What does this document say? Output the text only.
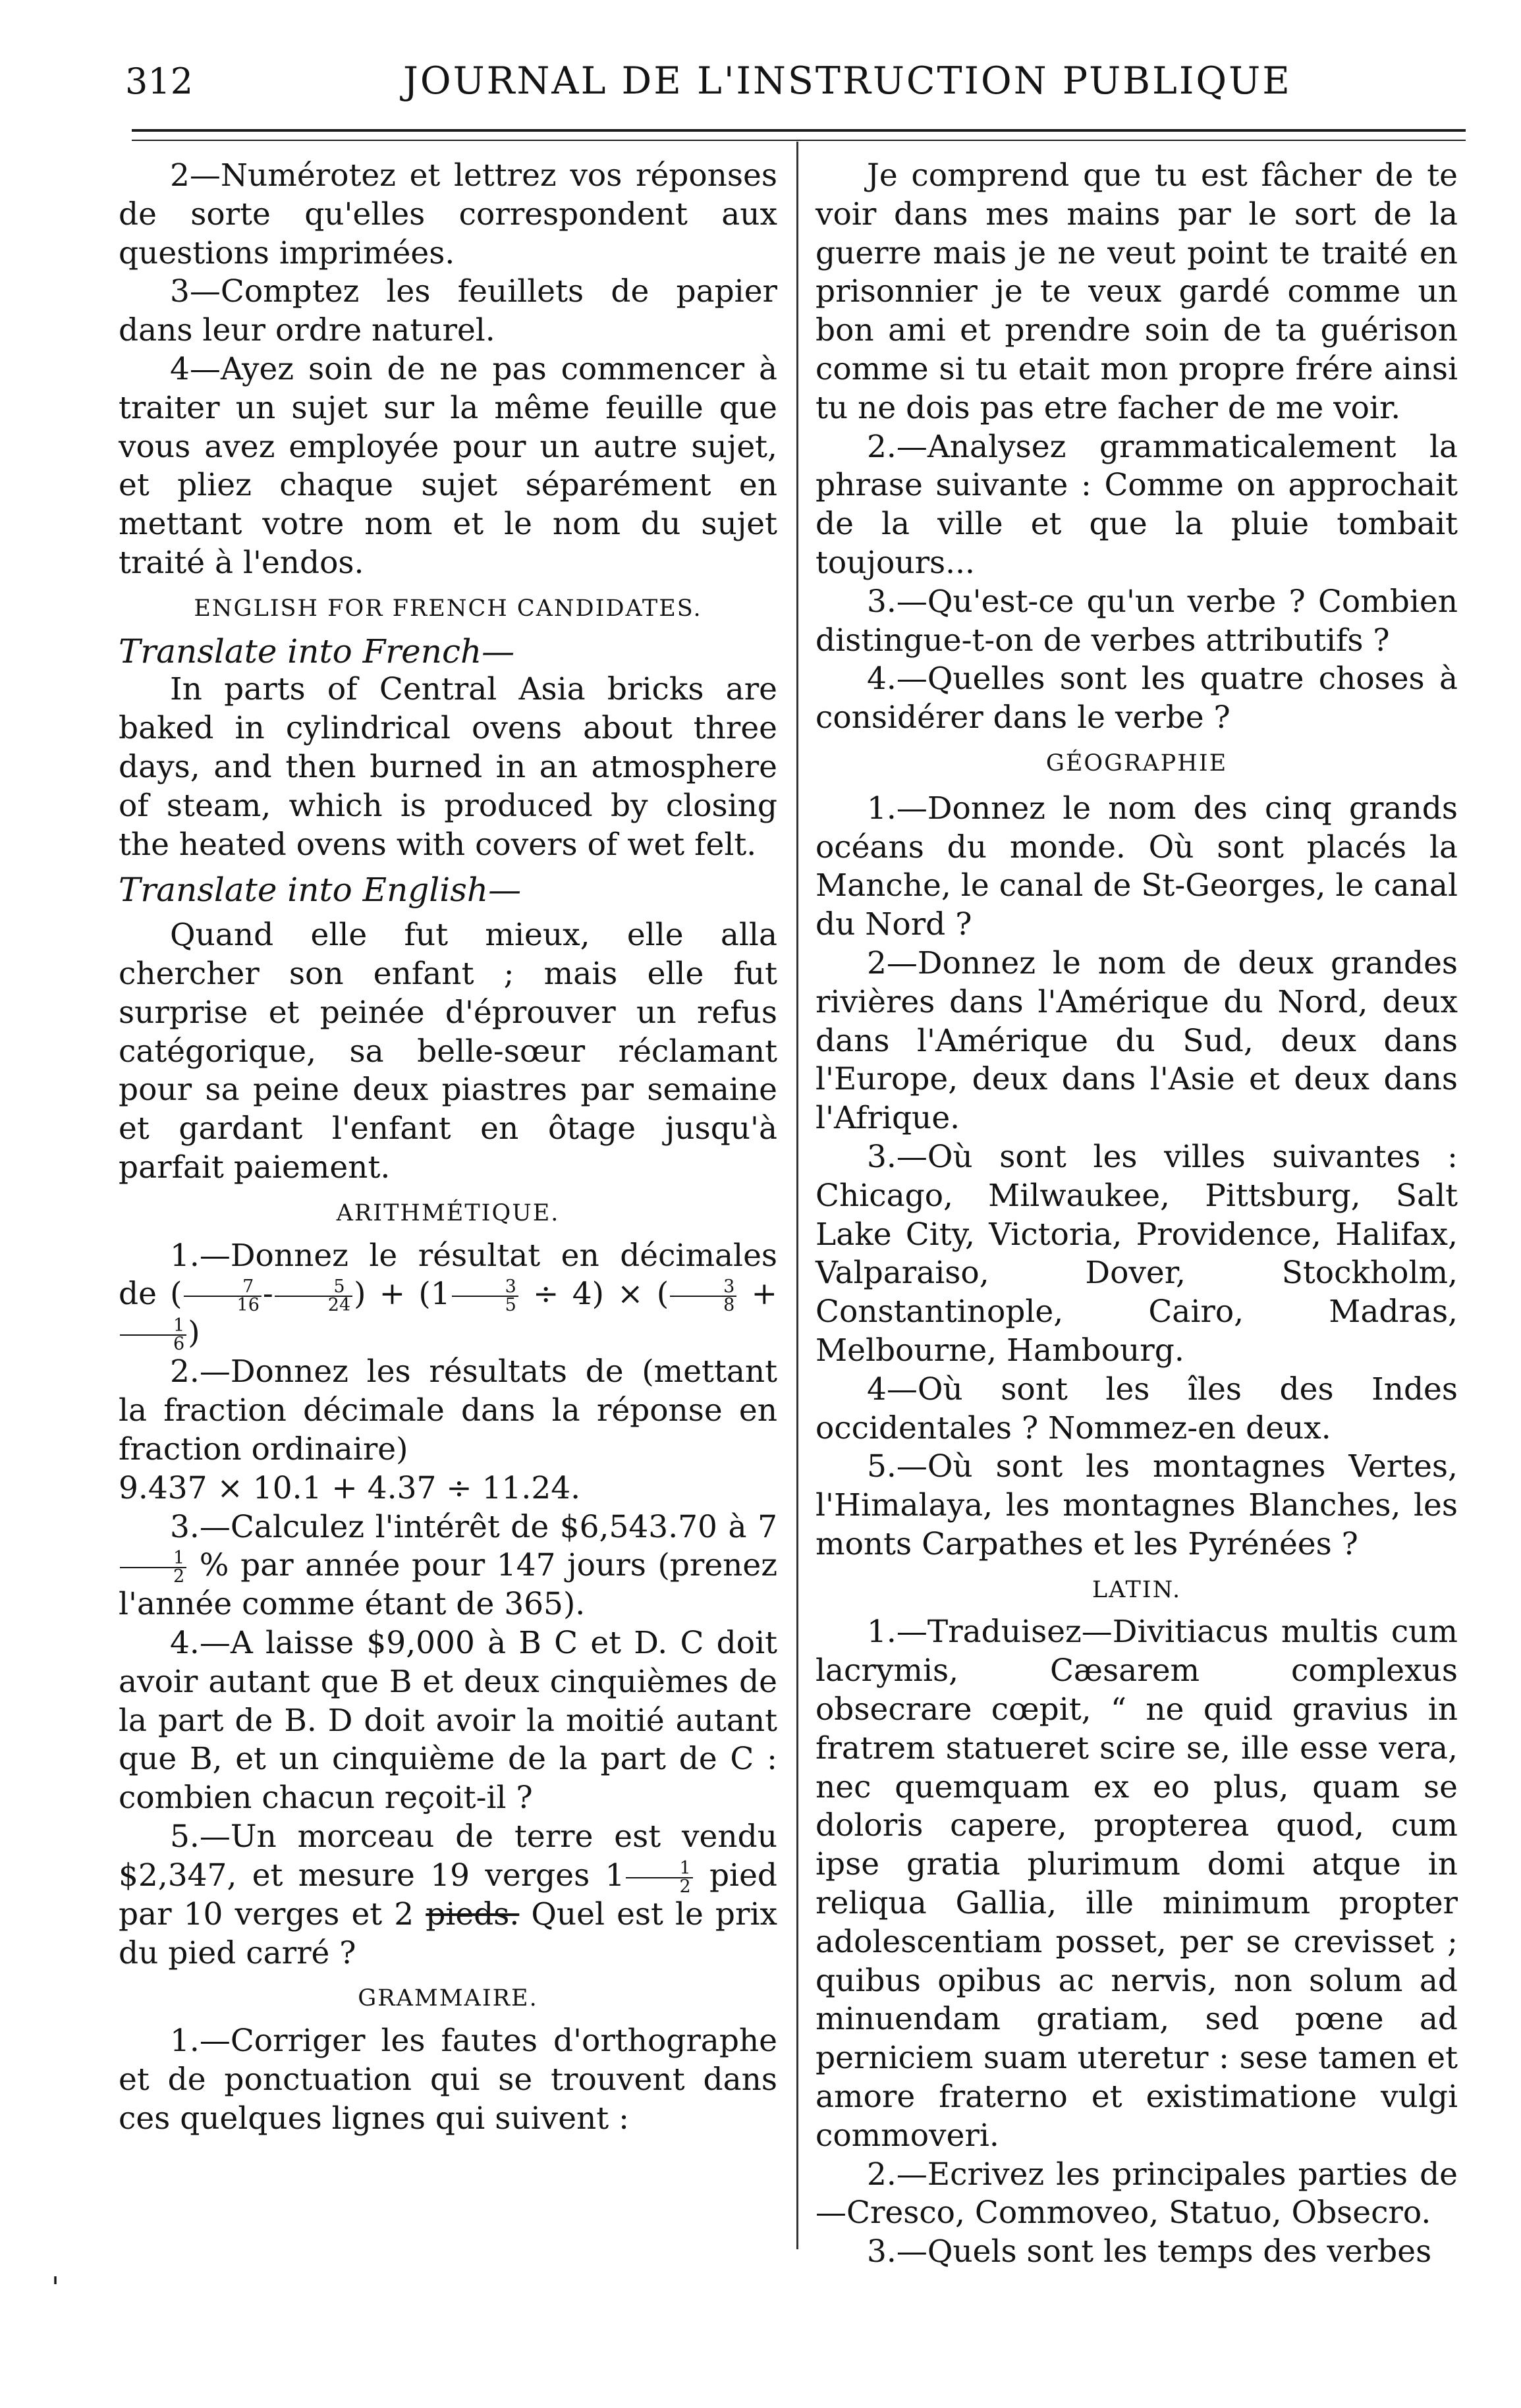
312	JOURNAL DE L'INSTRUCTION PUBLIQUE

2—Numérotez et lettrez vos réponses de sorte qu'elles correspondent aux questions imprimées.

3—Comptez les feuillets de papier dans leur ordre naturel.

4—Ayez soin de ne pas commencer à traiter un sujet sur la même feuille que vous avez employée pour un autre sujet, et pliez chaque sujet séparément en mettant votre nom et le nom du sujet traité à l'endos.

ENGLISH FOR FRENCH CANDIDATES.

Translate into French—

In parts of Central Asia bricks are baked in cylindrical ovens about three days, and then burned in an atmosphere of steam, which is produced by closing the heated ovens with covers of wet felt.

Translate into English—

Quand elle fut mieux, elle alla chercher son enfant ; mais elle fut surprise et peinée d'éprouver un refus catégorique, sa belle-sœur réclamant pour sa peine deux piastres par semaine et gardant l'enfant en ôtage jusqu'à parfait paiement.

ARITHMÉTIQUE.

1.—Donnez le résultat en décimales de ( $\frac{7}{16} - \frac{5}{24}$ ) + $(1 \frac{3}{5} \div 4)$ × ( $\frac{3}{8}$ +
$\frac{1}{6}$ )

2.—Donnez les résultats de (mettant la fraction décimale dans la réponse en fraction ordinaire)

9.437 × 10.1 + 4.37 ÷ 11.24.

3.—Calculez l'intérêt de $6,543.70 à 7
$\frac{1}{2}$ % par année pour 147 jours (prenez l'année comme étant de 365).

4.—A laisse $9,000 à B C et D. C doit avoir autant que B et deux cinquièmes de la part de B. D doit avoir la moitié autant que B, et un cinquième de la part de C : combien chacun reçoit-il ?

5.—Un morceau de terre est vendu $2,347, et mesure 19 verges $1 \frac{1}{2}$ pied par 10 verges et 2 pieds. Quel est le prix du pied carré ?

GRAMMAIRE.

1.—Corriger les fautes d'orthographe et de ponctuation qui se trouvent dans ces quelques lignes qui suivent :

Je comprend que tu est fâcher de te voir dans mes mains par le sort de la guerre mais je ne veut point te traité en prisonnier je te veux gardé comme un bon ami et prendre soin de ta guérison comme si tu etait mon propre frére ainsi tu ne dois pas etre facher de me voir.

2.—Analysez grammaticalement la phrase suivante : Comme on approchait de la ville et que la pluie tombait toujours...

3.—Qu'est-ce qu'un verbe ? Combien distingue-t-on de verbes attributifs ?

4.—Quelles sont les quatre choses à considérer dans le verbe ?

GÉOGRAPHIE

1.—Donnez le nom des cinq grands océans du monde. Où sont placés la Manche, le canal de St-Georges, le canal du Nord ?

2—Donnez le nom de deux grandes rivières dans l'Amérique du Nord, deux dans l'Amérique du Sud, deux dans l'Europe, deux dans l'Asie et deux dans l'Afrique.

3.—Où sont les villes suivantes : Chicago, Milwaukee, Pittsburg, Salt Lake City, Victoria, Providence, Halifax, Valparaiso, Dover, Stockholm, Constantinople, Cairo, Madras, Melbourne, Hambourg.

4—Où sont les îles des Indes occidentales ? Nommez-en deux.

5.—Où sont les montagnes Vertes, l'Himalaya, les montagnes Blanches, les monts Carpathes et les Pyrénées ?

LATIN.

1.—Traduisez—Divitiacus multis cum lacrymis, Cæsarem complexus obsecrare cœpit, “ ne quid gravius in fratrem statueret scire se, ille esse vera, nec quemquam ex eo plus, quam se doloris capere, propterea quod, cum ipse gratia plurimum domi atque in reliqua Gallia, ille minimum propter adolescentiam posset, per se crevisset ; quibus opibus ac nervis, non solum ad minuendam gratiam, sed pœne ad perniciem suam uteretur : sese tamen et amore fraterno et existimatione vulgi commoveri.

2.—Ecrivez les principales parties de —Cresco, Commoveo, Statuo, Obsecro.

3.—Quels sont les temps des verbes

'
